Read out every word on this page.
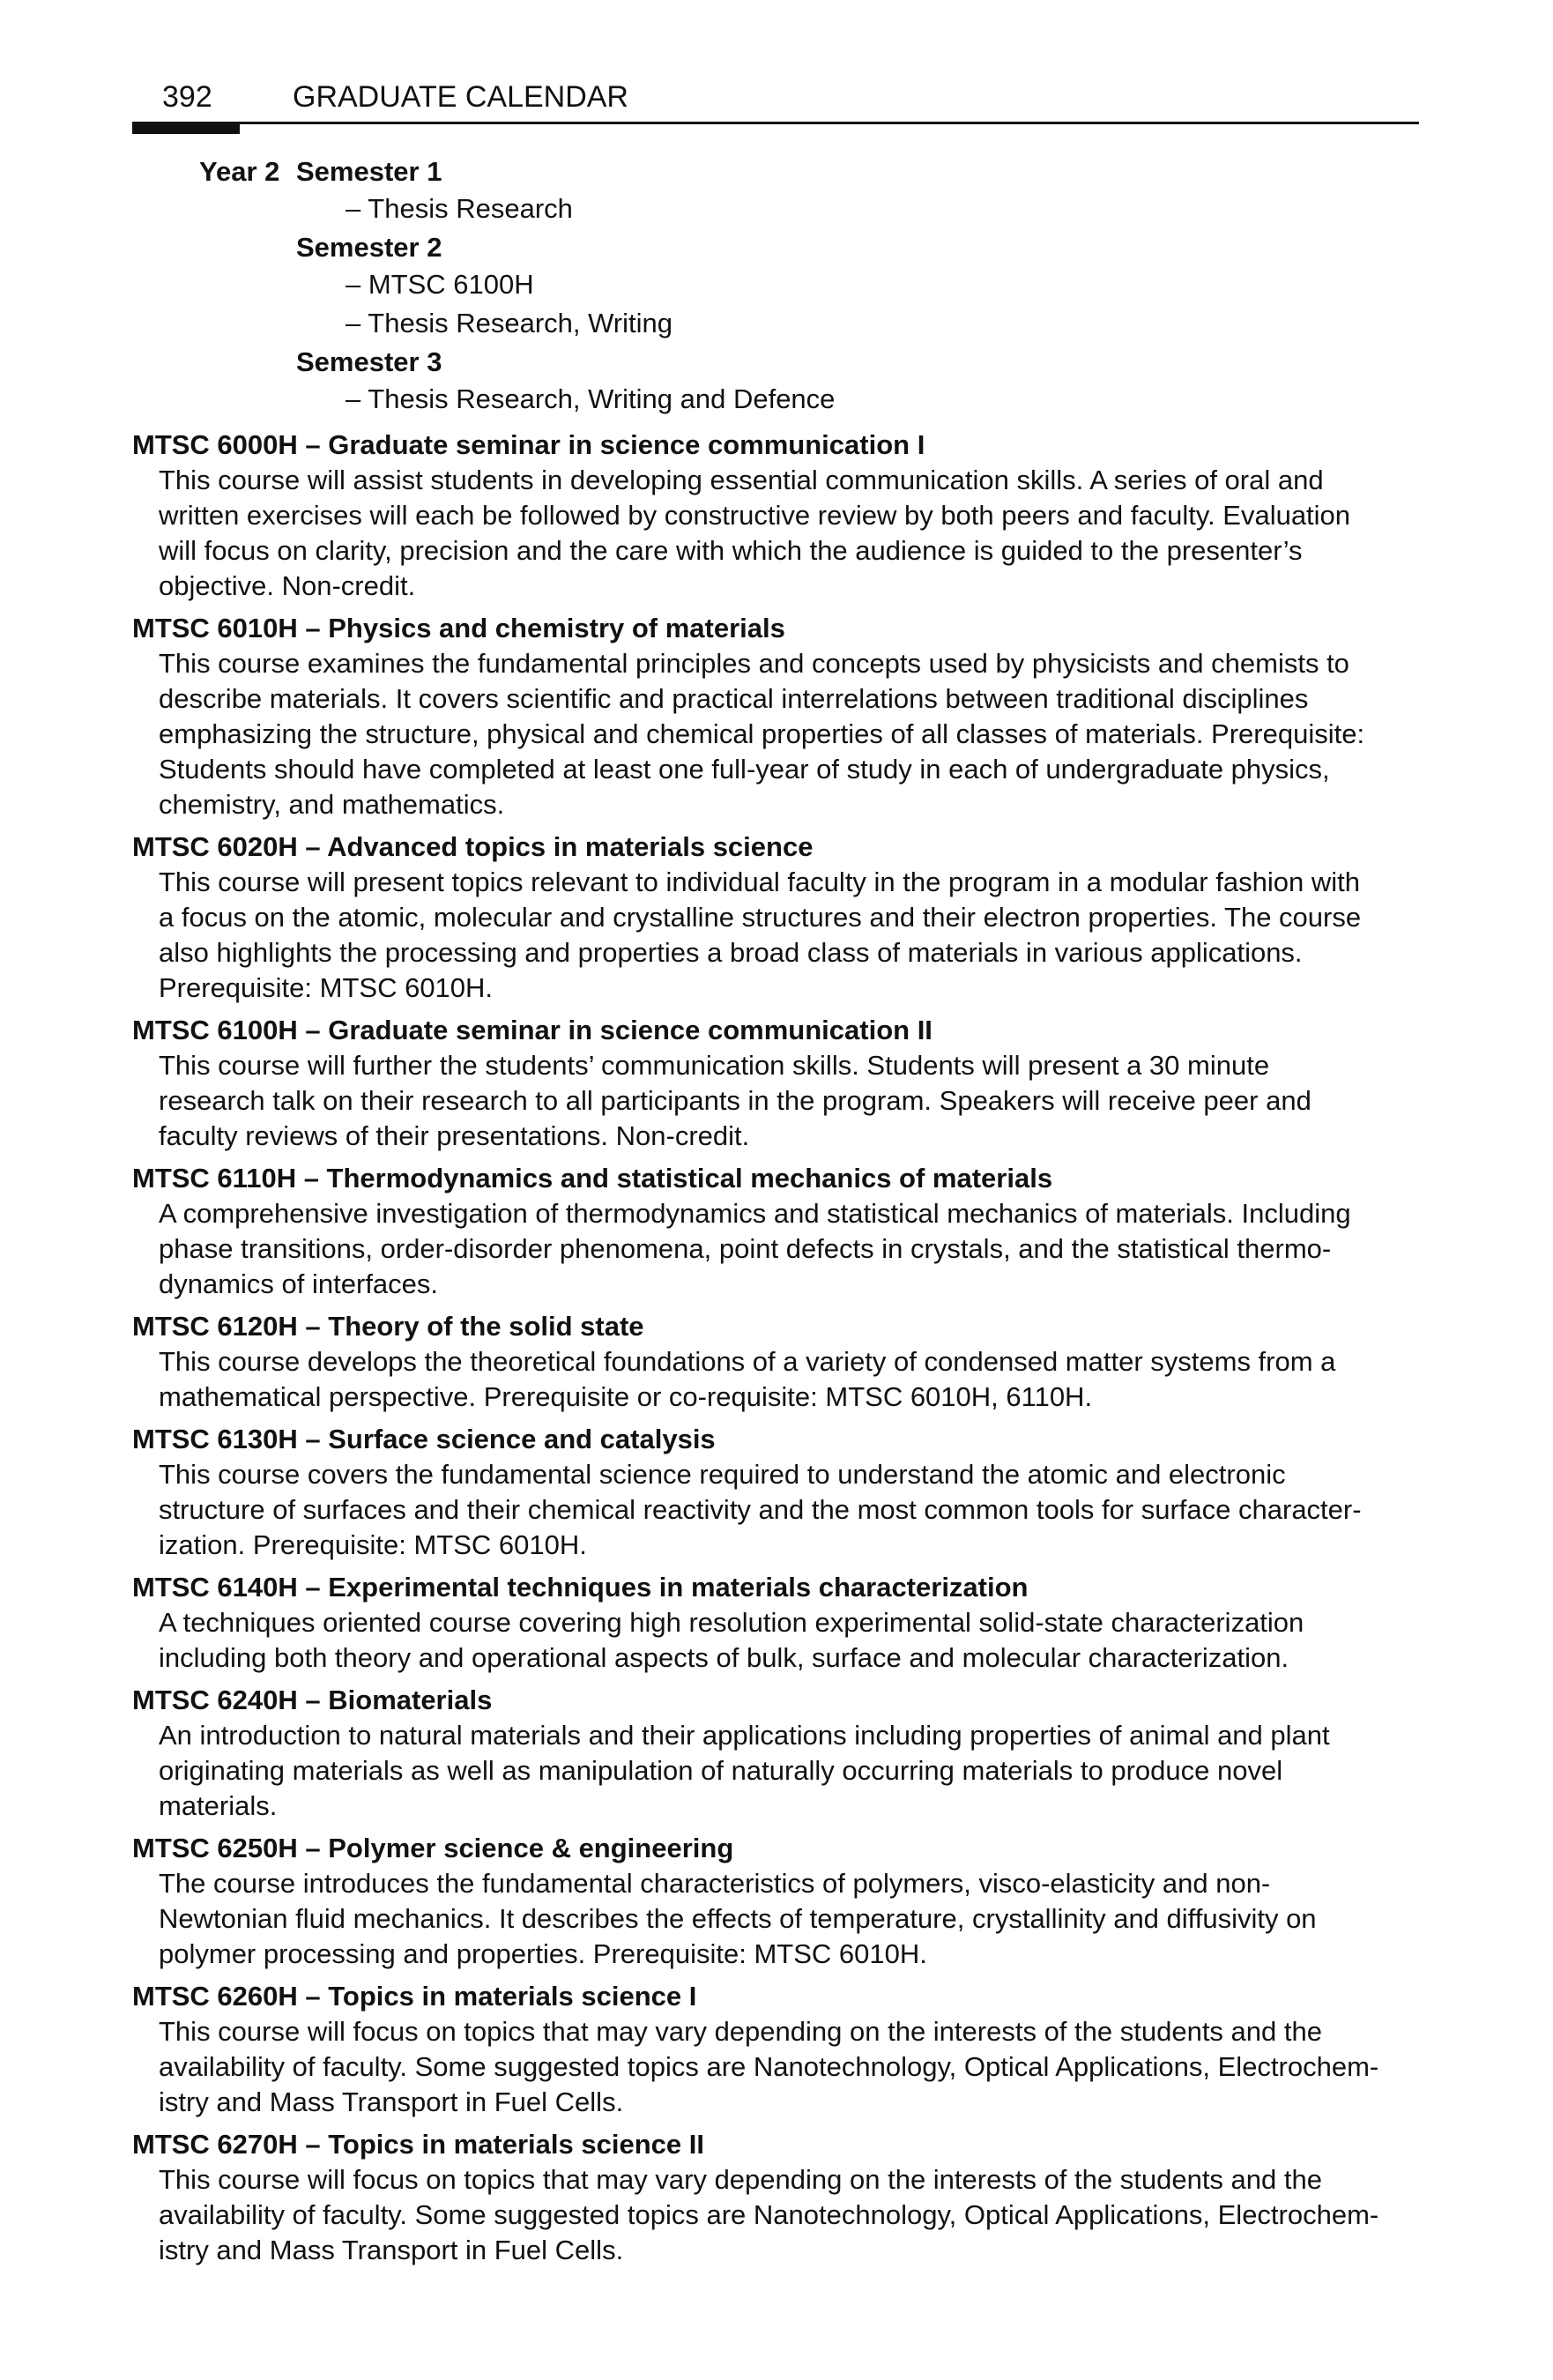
392	GRADUATE CALENDAR
Year 2 Semester 1
– Thesis Research
Semester 2
– MTSC 6100H
– Thesis Research, Writing
Semester 3
– Thesis Research, Writing and Defence
MTSC 6000H – Graduate seminar in science communication I
This course will assist students in developing essential communication skills. A series of oral and
written exercises will each be followed by constructive review by both peers and faculty. Evaluation
will focus on clarity, precision and the care with which the audience is guided to the presenter’s
objective. Non-credit.
MTSC 6010H – Physics and chemistry of materials
This course examines the fundamental principles and concepts used by physicists and chemists to
describe materials. It covers scientific and practical interrelations between traditional disciplines
emphasizing the structure, physical and chemical properties of all classes of materials. Prerequisite:
Students should have completed at least one full-year of study in each of undergraduate physics,
chemistry, and mathematics.
MTSC 6020H – Advanced topics in materials science
This course will present topics relevant to individual faculty in the program in a modular fashion with
a focus on the atomic, molecular and crystalline structures and their electron properties. The course
also highlights the processing and properties a broad class of materials in various applications.
Prerequisite: MTSC 6010H.
MTSC 6100H – Graduate seminar in science communication II
This course will further the students’ communication skills. Students will present a 30 minute
research talk on their research to all participants in the program. Speakers will receive peer and
faculty reviews of their presentations. Non-credit.
MTSC 6110H – Thermodynamics and statistical mechanics of materials
A comprehensive investigation of thermodynamics and statistical mechanics of materials. Including
phase transitions, order-disorder phenomena, point defects in crystals, and the statistical thermo-
dynamics of interfaces.
MTSC 6120H – Theory of the solid state
This course develops the theoretical foundations of a variety of condensed matter systems from a
mathematical perspective. Prerequisite or co-requisite: MTSC 6010H, 6110H.
MTSC 6130H – Surface science and catalysis
This course covers the fundamental science required to understand the atomic and electronic
structure of surfaces and their chemical reactivity and the most common tools for surface character-
ization. Prerequisite: MTSC 6010H.
MTSC 6140H – Experimental techniques in materials characterization
A techniques oriented course covering high resolution experimental solid-state characterization
including both theory and operational aspects of bulk, surface and molecular characterization.
MTSC 6240H – Biomaterials
An introduction to natural materials and their applications including properties of animal and plant
originating materials as well as manipulation of naturally occurring materials to produce novel
materials.
MTSC 6250H – Polymer science & engineering
The course introduces the fundamental characteristics of polymers, visco-elasticity and non-
Newtonian fluid mechanics. It describes the effects of temperature, crystallinity and diffusivity on
polymer processing and properties. Prerequisite: MTSC 6010H.
MTSC 6260H – Topics in materials science I
This course will focus on topics that may vary depending on the interests of the students and the
availability of faculty. Some suggested topics are Nanotechnology, Optical Applications, Electrochem-
istry and Mass Transport in Fuel Cells.
MTSC 6270H – Topics in materials science II
This course will focus on topics that may vary depending on the interests of the students and the
availability of faculty. Some suggested topics are Nanotechnology, Optical Applications, Electrochem-
istry and Mass Transport in Fuel Cells.
